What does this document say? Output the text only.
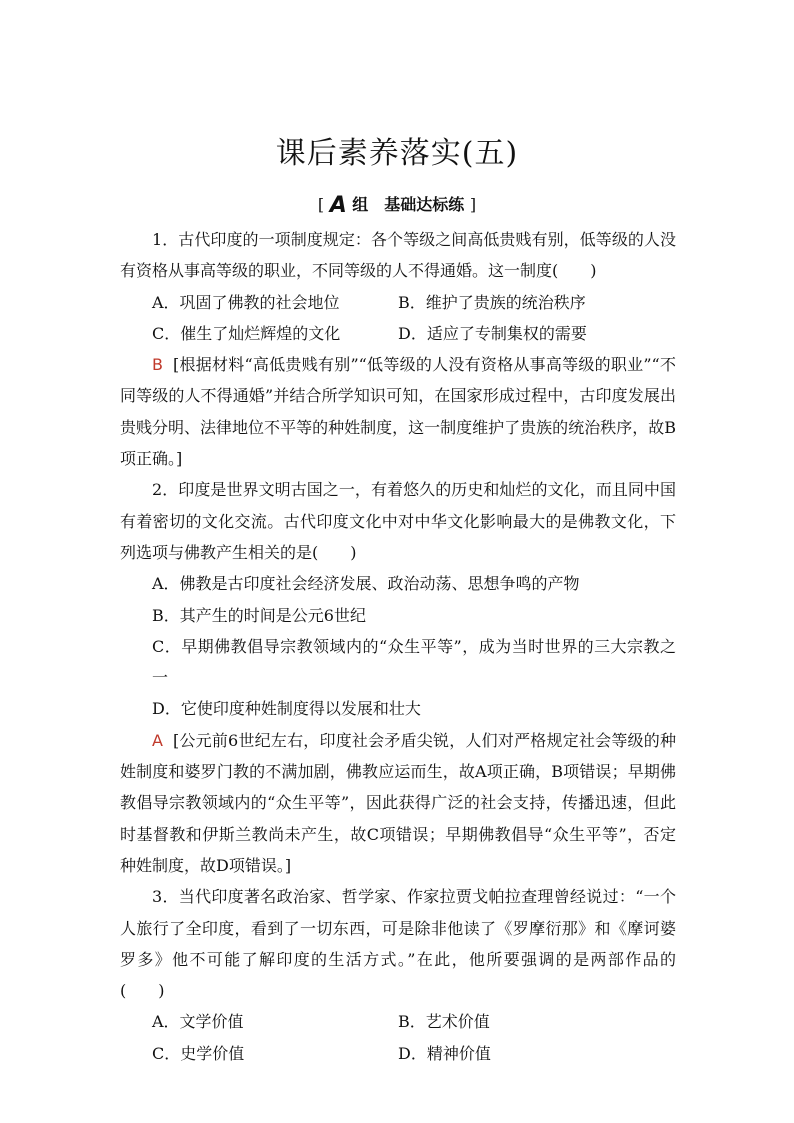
课后素养落实(五)
[ A 组　基础达标练 ]

1．古代印度的一项制度规定：各个等级之间高低贵贱有别，低等级的人没有资格从事高等级的职业，不同等级的人不得通婚。这一制度(　　)

A．巩固了佛教的社会地位	B．维护了贵族的统治秩序
C．催生了灿烂辉煌的文化	D．适应了专制集权的需要

B [根据材料“高低贵贱有别”“低等级的人没有资格从事高等级的职业”“不同等级的人不得通婚”并结合所学知识可知，在国家形成过程中，古印度发展出贵贱分明、法律地位不平等的种姓制度，这一制度维护了贵族的统治秩序，故B项正确。]

2．印度是世界文明古国之一，有着悠久的历史和灿烂的文化，而且同中国有着密切的文化交流。古代印度文化中对中华文化影响最大的是佛教文化，下列选项与佛教产生相关的是(　　)

A．佛教是古印度社会经济发展、政治动荡、思想争鸣的产物
B．其产生的时间是公元6世纪
C．早期佛教倡导宗教领域内的“众生平等”，成为当时世界的三大宗教之一
D．它使印度种姓制度得以发展和壮大

A [公元前6世纪左右，印度社会矛盾尖锐，人们对严格规定社会等级的种姓制度和婆罗门教的不满加剧，佛教应运而生，故A项正确，B项错误；早期佛教倡导宗教领域内的“众生平等”，因此获得广泛的社会支持，传播迅速，但此时基督教和伊斯兰教尚未产生，故C项错误；早期佛教倡导“众生平等”，否定种姓制度，故D项错误。]

3．当代印度著名政治家、哲学家、作家拉贾戈帕拉查理曾经说过：“一个人旅行了全印度，看到了一切东西，可是除非他读了《罗摩衍那》和《摩诃婆罗多》他不可能了解印度的生活方式。”在此，他所要强调的是两部作品的(　　)

A．文学价值	B．艺术价值
C．史学价值	D．精神价值
